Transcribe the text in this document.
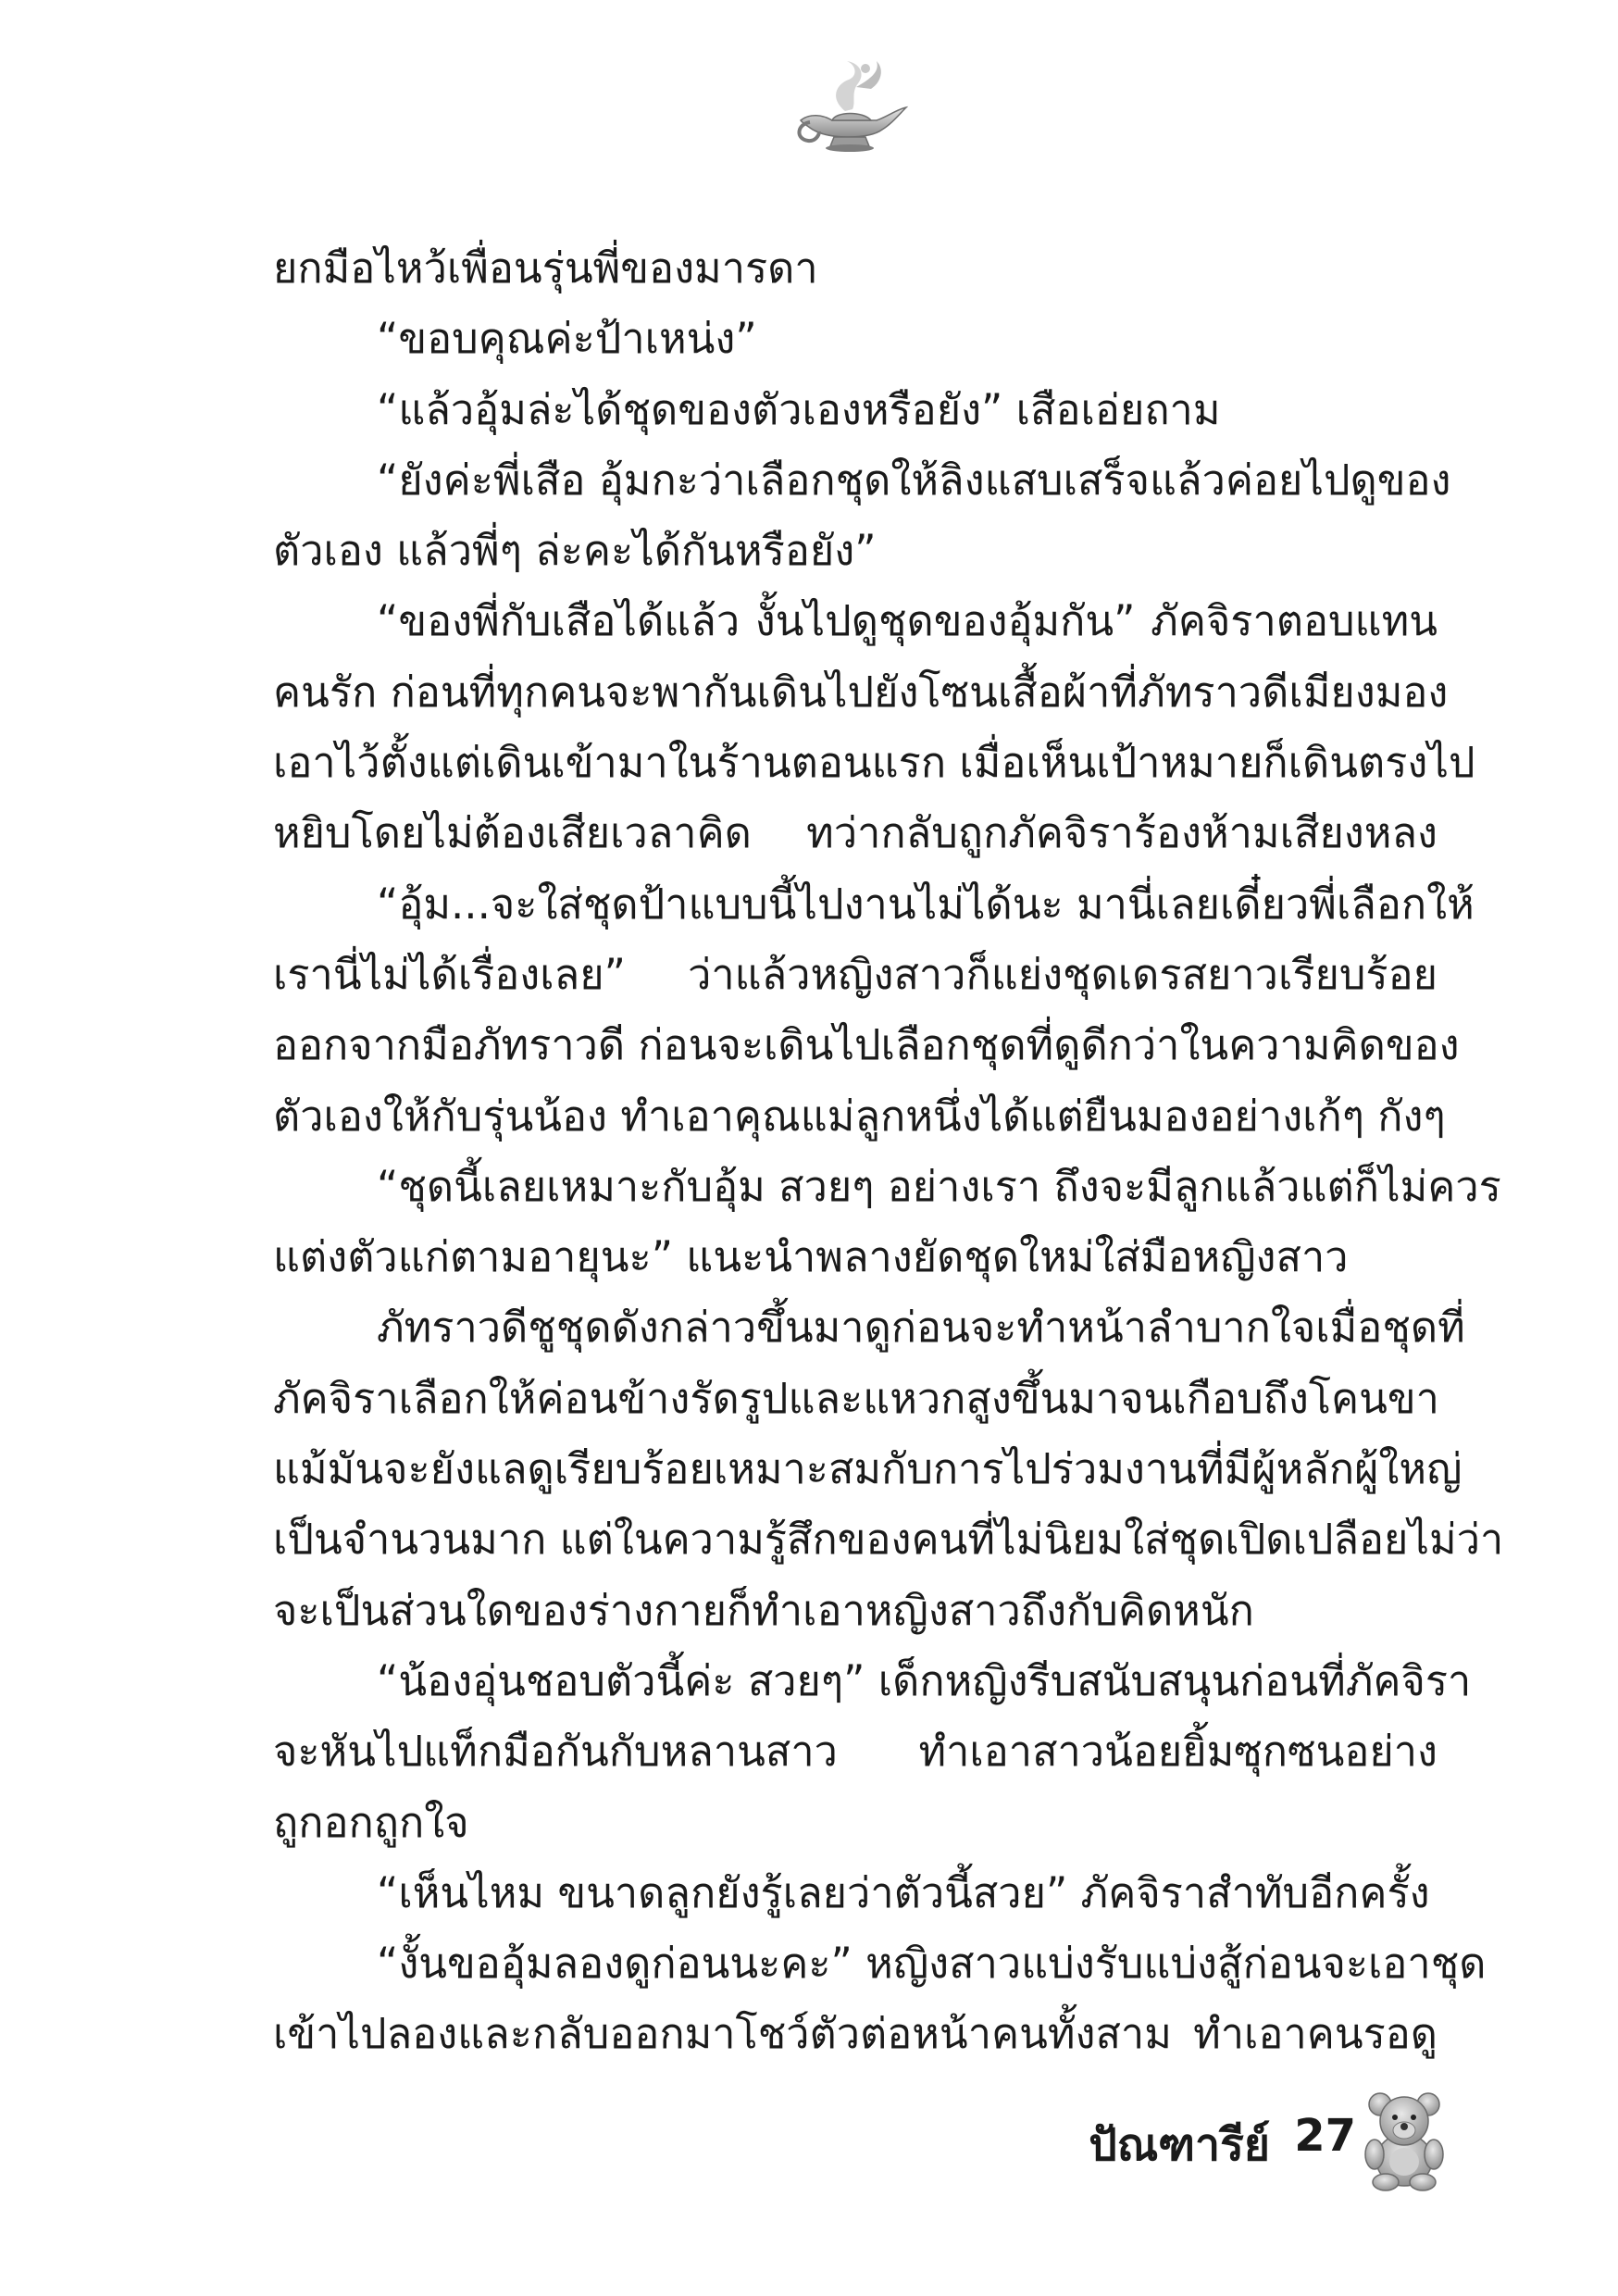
ยกมือไหว้เพื่อนรุ่นพี่ของมารดา
“ขอบคุณค่ะป้าเหน่ง”
“แล้วอุ้มล่ะได้ชุดของตัวเองหรือยัง” เสือเอ่ยถาม
“ยังค่ะพี่เสือ อุ้มกะว่าเลือกชุดให้ลิงแสบเสร็จแล้วค่อยไปดูของ
ตัวเอง แล้วพี่ๆ ล่ะคะได้กันหรือยัง”
“ของพี่กับเสือได้แล้ว งั้นไปดูชุดของอุ้มกัน” ภัคจิราตอบแทน
คนรัก ก่อนที่ทุกคนจะพากันเดินไปยังโซนเสื้อผ้าที่ภัทราวดีเมียงมอง
เอาไว้ตั้งแต่เดินเข้ามาในร้านตอนแรก เมื่อเห็นเป้าหมายก็เดินตรงไป
หยิบโดยไม่ต้องเสียเวลาคิด ทว่ากลับถูกภัคจิราร้องห้ามเสียงหลง
“อุ้ม...จะใส่ชุดป้าแบบนี้ไปงานไม่ได้นะ มานี่เลยเดี๋ยวพี่เลือกให้
เรานี่ไม่ได้เรื่องเลย” ว่าแล้วหญิงสาวก็แย่งชุดเดรสยาวเรียบร้อย
ออกจากมือภัทราวดี ก่อนจะเดินไปเลือกชุดที่ดูดีกว่าในความคิดของ
ตัวเองให้กับรุ่นน้อง ทำเอาคุณแม่ลูกหนึ่งได้แต่ยืนมองอย่างเก้ๆ กังๆ
“ชุดนี้เลยเหมาะกับอุ้ม สวยๆ อย่างเรา ถึงจะมีลูกแล้วแต่ก็ไม่ควร
แต่งตัวแก่ตามอายุนะ” แนะนำพลางยัดชุดใหม่ใส่มือหญิงสาว
ภัทราวดีชูชุดดังกล่าวขึ้นมาดูก่อนจะทำหน้าลำบากใจเมื่อชุดที่
ภัคจิราเลือกให้ค่อนข้างรัดรูปและแหวกสูงขึ้นมาจนเกือบถึงโคนขา
แม้มันจะยังแลดูเรียบร้อยเหมาะสมกับการไปร่วมงานที่มีผู้หลักผู้ใหญ่
เป็นจำนวนมาก แต่ในความรู้สึกของคนที่ไม่นิยมใส่ชุดเปิดเปลือยไม่ว่า
จะเป็นส่วนใดของร่างกายก็ทำเอาหญิงสาวถึงกับคิดหนัก
“น้องอุ่นชอบตัวนี้ค่ะ สวยๆ” เด็กหญิงรีบสนับสนุนก่อนที่ภัคจิรา
จะหันไปแท็กมือกันกับหลานสาว ทำเอาสาวน้อยยิ้มซุกซนอย่าง
ถูกอกถูกใจ
“เห็นไหม ขนาดลูกยังรู้เลยว่าตัวนี้สวย” ภัคจิราสำทับอีกครั้ง
“งั้นขออุ้มลองดูก่อนนะคะ” หญิงสาวแบ่งรับแบ่งสู้ก่อนจะเอาชุด
เข้าไปลองและกลับออกมาโชว์ตัวต่อหน้าคนทั้งสาม ทำเอาคนรอดู
ปัณฑารีย์ 27
